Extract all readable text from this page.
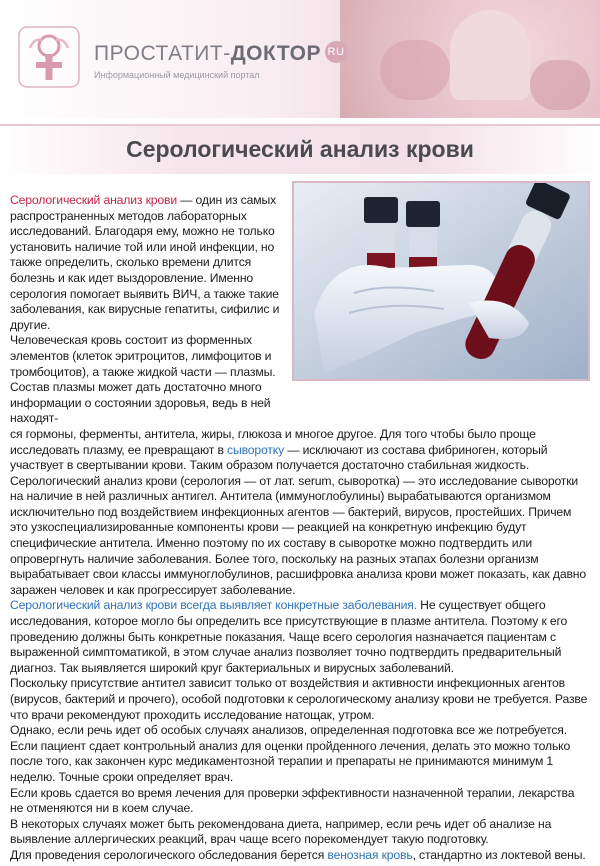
ПРОСТАТИТ-ДОКТОР RU
Информационный медицинский портал
Серологический анализ крови

Серологический анализ крови — один из самых распространенных методов лабораторных исследований. Благодаря ему, можно не только установить наличие той или иной инфекции, но также определить, сколько времени длится болезнь и как идет выздоровление. Именно серология помогает выявить ВИЧ, а также такие заболевания, как вирусные гепатиты, сифилис и другие.

Человеческая кровь состоит из форменных элементов (клеток эритроцитов, лимфоцитов и тромбоцитов), а также жидкой части — плазмы. Состав плазмы может дать достаточно много информации о состоянии здоровья, ведь в ней находят-

ся гормоны, ферменты, антитела, жиры, глюкоза и многое другое. Для того чтобы было проще исследовать плазму, ее превращают в сыворотку — исключают из состава фибриноген, который участвует в свертывании крови. Таким образом получается достаточно стабильная жидкость.

Серологический анализ крови (серология — от лат. serum, сыворотка) — это исследование сыворотки на наличие в ней различных антигел. Антитела (иммуноглобулины) вырабатываются организмом исключительно под воздействием инфекционных агентов — бактерий, вирусов, простейших. Причем это узкоспециализированные компоненты крови — реакцией на конкретную инфекцию будут специфические антитела. Именно поэтому по их составу в сыворотке можно подтвердить или опровергнуть наличие заболевания. Более того, поскольку на разных этапах болезни организм вырабатывает свои классы иммуноглобулинов, расшифровка анализа крови может показать, как давно заражен человек и как прогрессирует заболевание.

Серологический анализ крови всегда выявляет конкретные заболевания. Не существует общего исследования, которое могло бы определить все присутствующие в плазме антитела. Поэтому к его проведению должны быть конкретные показания. Чаще всего серология назначается пациентам с выраженной симптоматикой, в этом случае анализ позволяет точно подтвердить предварительный диагноз. Так выявляется широкий круг бактериальных и вирусных заболеваний.

Поскольку присутствие антител зависит только от воздействия и активности инфекционных агентов (вирусов, бактерий и прочего), особой подготовки к серологическому анализу крови не требуется. Разве что врачи рекомендуют проходить исследование натощак, утром.

Однако, если речь идет об особых случаях анализов, определенная подготовка все же потребуется.

Если пациент сдает контрольный анализ для оценки пройденного лечения, делать это можно только после того, как закончен курс медикаментозной терапии и препараты не принимаются минимум 1 неделю. Точные сроки определяет врач.

Если кровь сдается во время лечения для проверки эффективности назначенной терапии, лекарства не отменяются ни в коем случае.

В некоторых случаях может быть рекомендована диета, например, если речь идет об анализе на выявление аллергических реакций, врач чаще всего порекомендует такую подготовку.

Для проведения серологического обследования берется венозная кровь, стандартно из локтевой вены.
